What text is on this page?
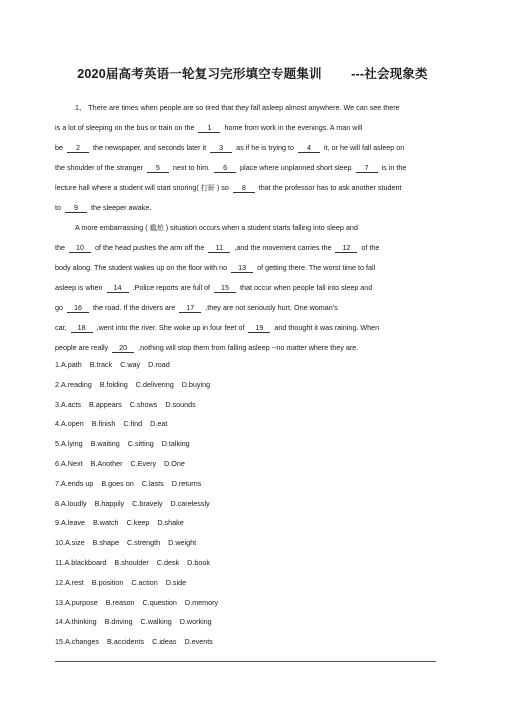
2020届高考英语一轮复习完形填空专题集训 ---社会现象类
1、 There are times when people are so tired that they fall asleep almost anywhere. We can see there
is a lot of sleeping on the bus or train on the 1 home from work in the evenings. A man will
be 2 the newspaper, and seconds later it 3 as if he is trying to 4 it, or he will fall asleep on
the shoulder of the stranger 5 next to him. 6 place where unplanned short sleep 7 is in the
lecture hall where a student will start snoring( 打鼾 ) so 8 that the professor has to ask another student
to 9 the sleeper awake.
A more embarrassing ( 尴尬 ) situation occurs when a student starts falling into sleep and
the 10 of the head pushes the arm off the 11 ,and the movement carries the 12 of the
body along. The student wakes up on the floor with no 13 of getting there. The worst time to fall
asleep is when 14 .Police reports are full of 15 that occur when people fall into sleep and
go 16 the road. If the drivers are 17 ,they are not seriously hurt. One woman's
car, 18 ,went into the river. She woke up in four feet of 19 and thought it was raining. When
people are really 20 ,nothing will stop them from falling asleep --no matter where they are.
1.A.path B.track C.way D.road
2.A.reading B.folding C.delivering D.buying
3.A.acts B.appears C.shows D.sounds
4.A.open B.finish C.find D.eat
5.A.lying B.waiting C.sitting D.talking
6.A.Next B.Another C.Every D.One
7.A.ends up B.goes on C.lasts D.returns
8.A.loudly B.happily C.bravely D.carelessly
9.A.leave B.watch C.keep D.shake
10.A.size B.shape C.strength D.weight
11.A.blackboard B.shoulder C.desk D.book
12.A.rest B.position C.action D.side
13.A.purpose B.reason C.question D.memory
14.A.thinking B.driving C.walking D.working
15.A.changes B.accidents C.ideas D.events
